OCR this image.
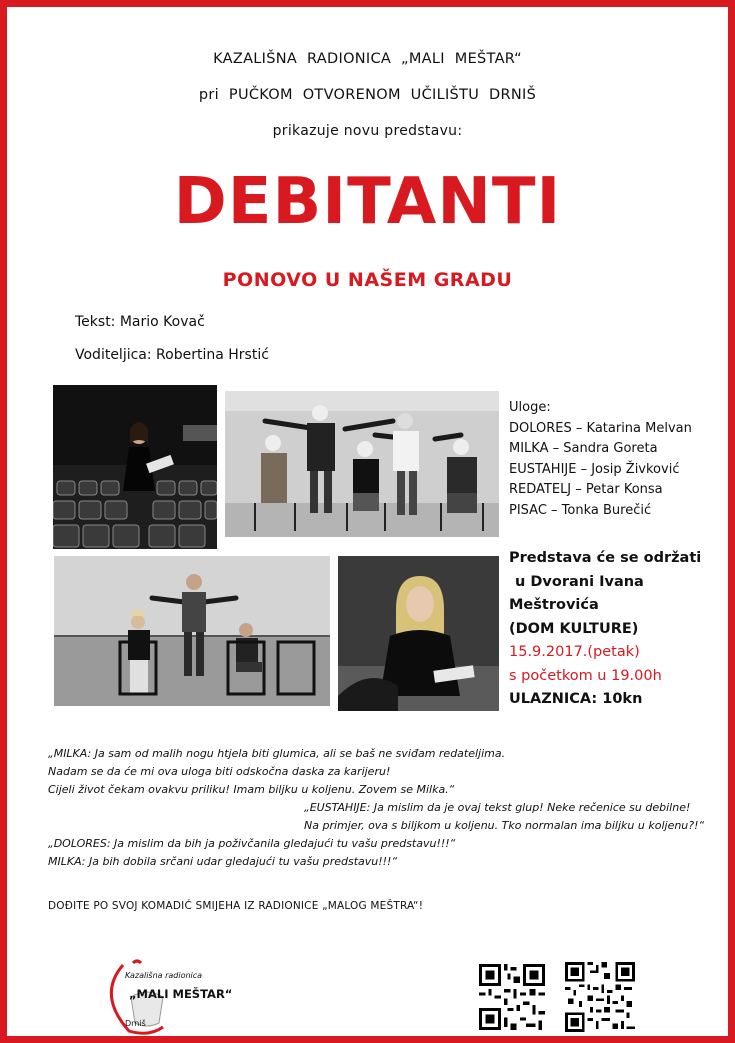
KAZALIŠNA RADIONICA „MALI MEŠTAR“
pri PUČKOM OTVORENOM UČILIŠTU DRNIŠ
prikazuje novu predstavu:
DEBITANTI
PONOVO U NAŠEM GRADU
Tekst: Mario Kovač
Voditeljica: Robertina Hrstić
Uloge:
DOLORES – Katarina Melvan
MILKA – Sandra Goreta
EUSTAHIJE – Josip Živković
REDATELJ – Petar Konsa
PISAC – Tonka Burečić
Predstava će se održati
u Dvorani Ivana
Meštrovića
(DOM KULTURE)
15.9.2017.(petak)
s početkom u 19.00h
ULAZNICA: 10kn
„MILKA: Ja sam od malih nogu htjela biti glumica, ali se baš ne sviđam redateljima.
Nadam se da će mi ova uloga biti odskočna daska za karijeru!
Cijeli život čekam ovakvu priliku! Imam biljku u koljenu. Zovem se Milka.“
„EUSTAHIJE: Ja mislim da je ovaj tekst glup! Neke rečenice su debilne!
Na primjer, ova s biljkom u koljenu. Tko normalan ima biljku u koljenu?!“
„DOLORES: Ja mislim da bih ja poživčanila gledajući tu vašu predstavu!!!“
MILKA: Ja bih dobila srčani udar gledajući tu vašu predstavu!!!“
DOĐITE PO SVOJ KOMADIĆ SMIJEHA IZ RADIONICE „MALOG MEŠTRA“!
Kazališna radionica
„MALI MEŠTAR“
Drniš
